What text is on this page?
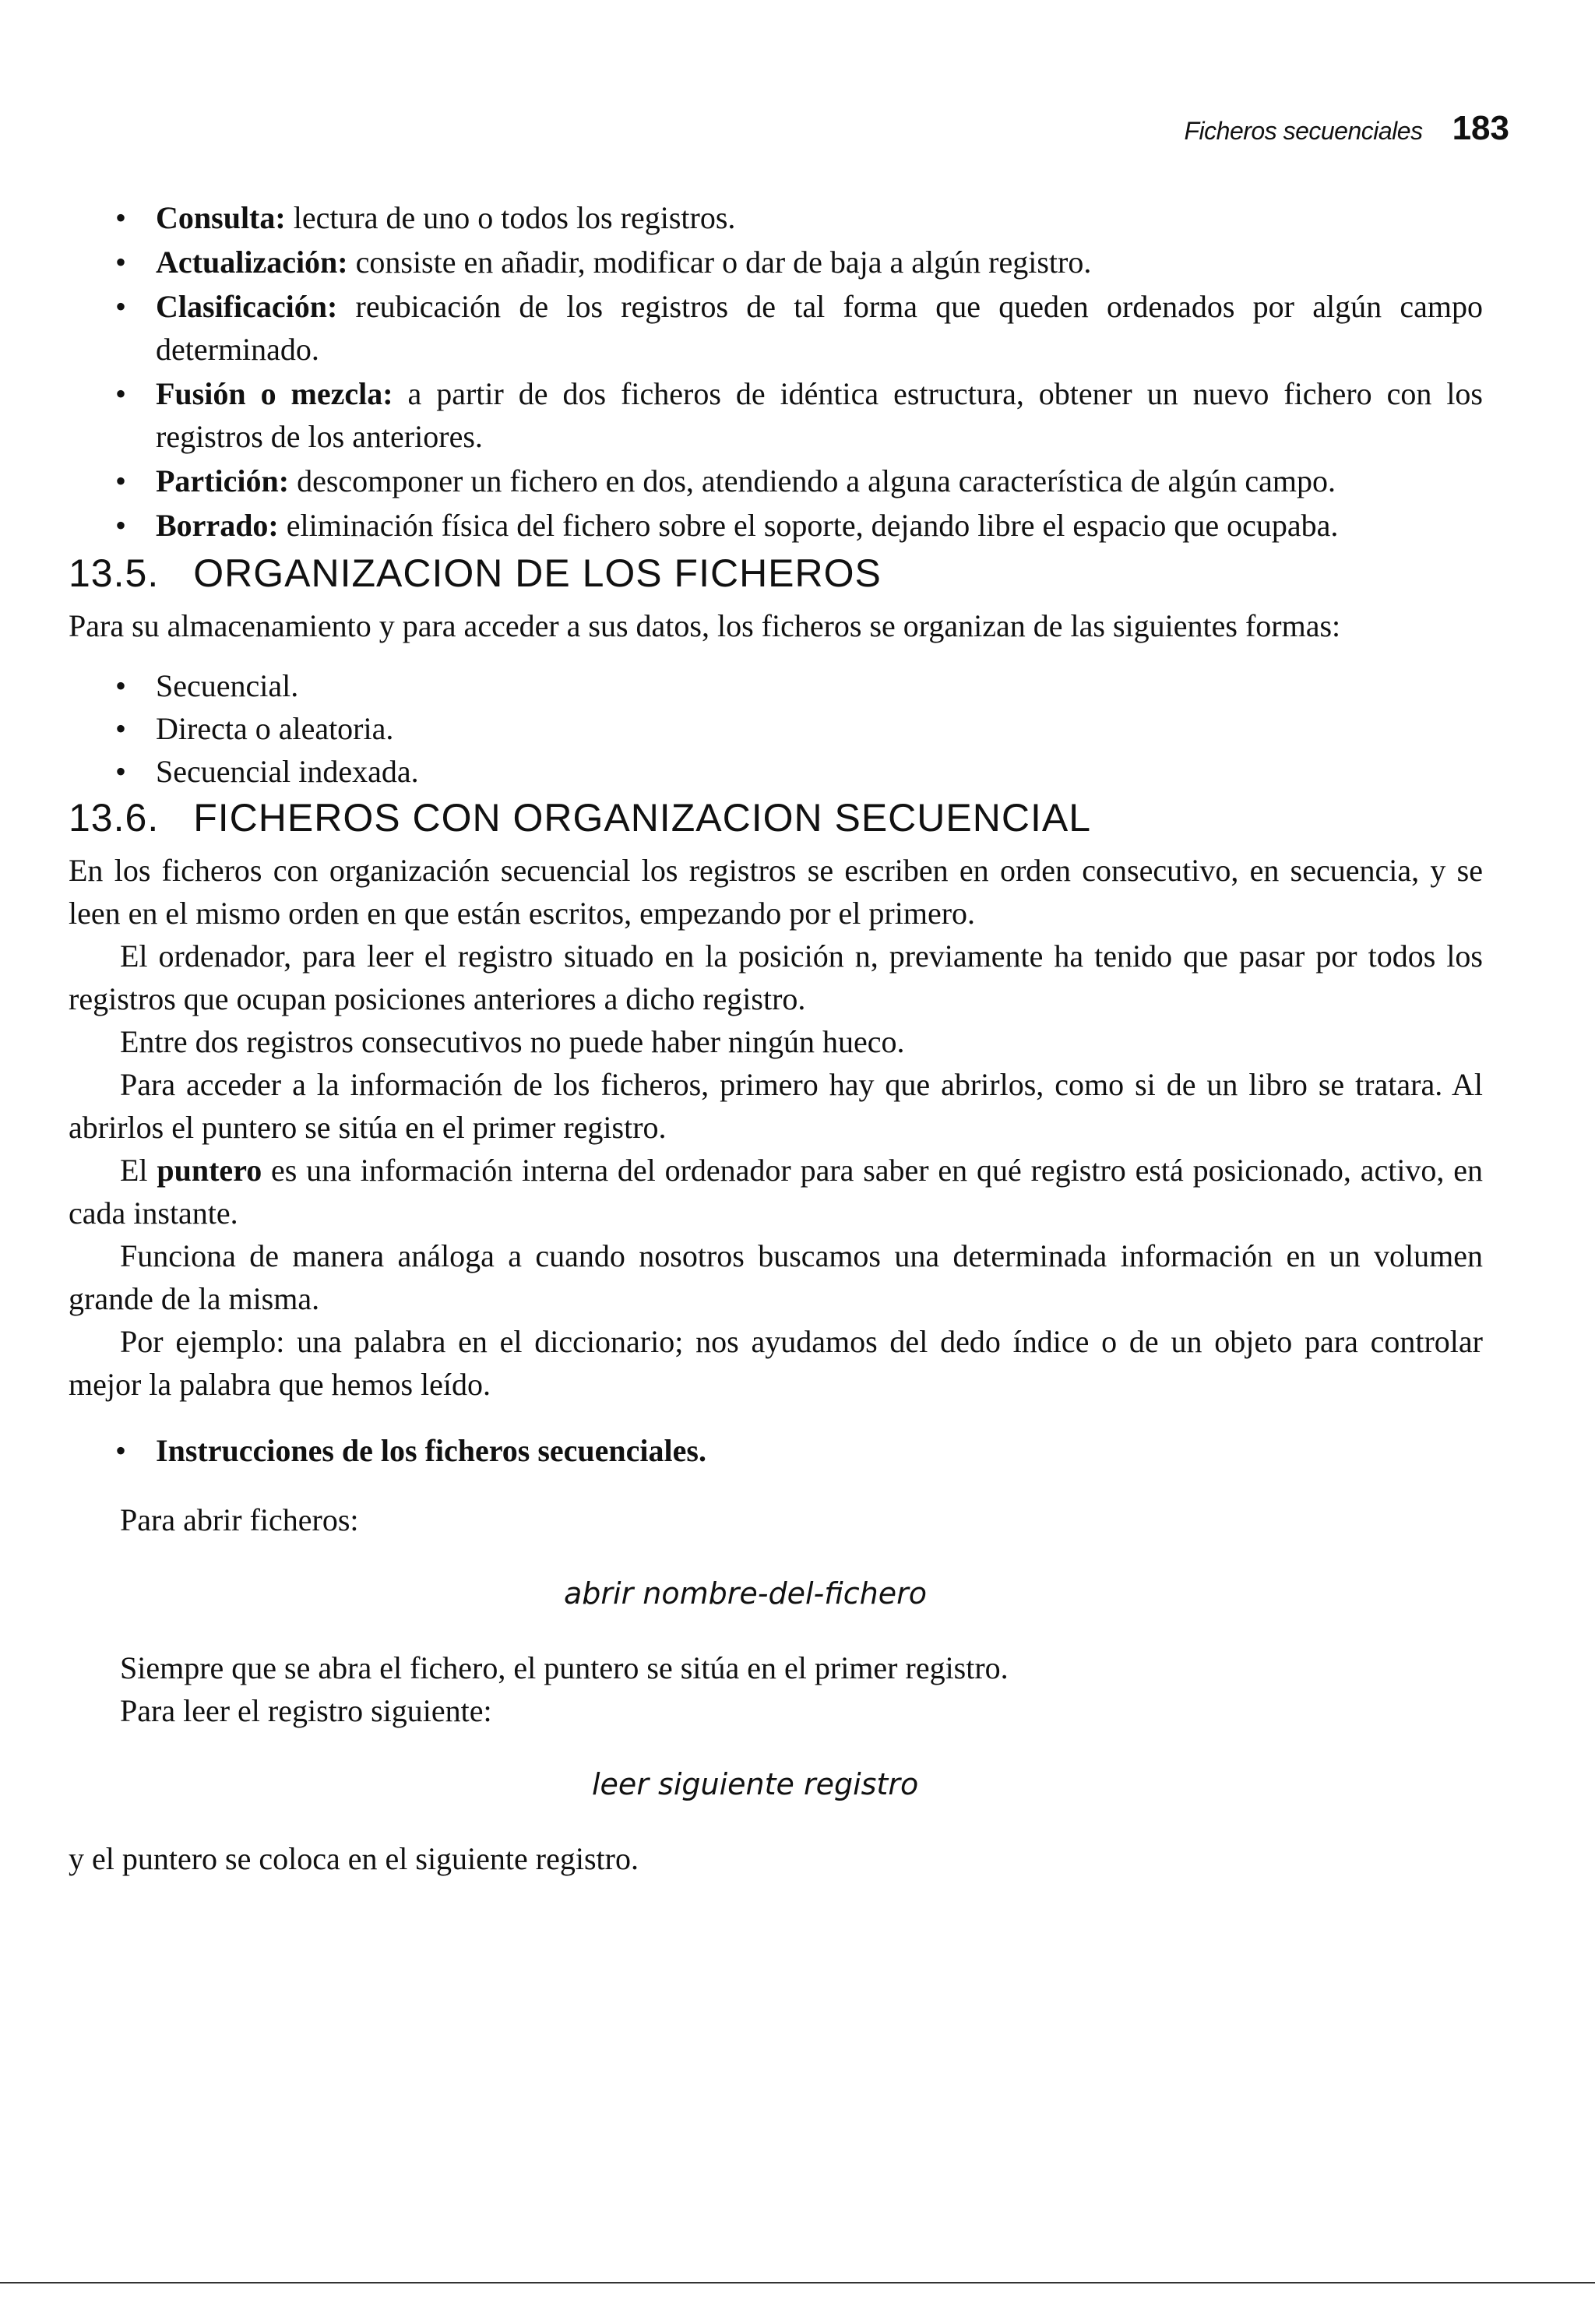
Ficheros secuenciales 183
• Consulta: lectura de uno o todos los registros.
• Actualización: consiste en añadir, modificar o dar de baja a algún registro.
• Clasificación: reubicación de los registros de tal forma que queden ordenados por algún campo determinado.
• Fusión o mezcla: a partir de dos ficheros de idéntica estructura, obtener un nuevo fichero con los registros de los anteriores.
• Partición: descomponer un fichero en dos, atendiendo a alguna característica de algún campo.
• Borrado: eliminación física del fichero sobre el soporte, dejando libre el espacio que ocupaba.
13.5. ORGANIZACION DE LOS FICHEROS

Para su almacenamiento y para acceder a sus datos, los ficheros se organizan de las siguientes formas:

• Secuencial.
• Directa o aleatoria.
• Secuencial indexada.
13.6. FICHEROS CON ORGANIZACION SECUENCIAL

En los ficheros con organización secuencial los registros se escriben en orden consecutivo, en secuencia, y se leen en el mismo orden en que están escritos, empezando por el primero.

El ordenador, para leer el registro situado en la posición n, previamente ha tenido que pasar por todos los registros que ocupan posiciones anteriores a dicho registro.

Entre dos registros consecutivos no puede haber ningún hueco.

Para acceder a la información de los ficheros, primero hay que abrirlos, como si de un libro se tratara. Al abrirlos el puntero se sitúa en el primer registro.

El puntero es una información interna del ordenador para saber en qué registro está posicionado, activo, en cada instante.

Funciona de manera análoga a cuando nosotros buscamos una determinada información en un volumen grande de la misma.

Por ejemplo: una palabra en el diccionario; nos ayudamos del dedo índice o de un objeto para controlar mejor la palabra que hemos leído.

• Instrucciones de los ficheros secuenciales.

Para abrir ficheros:

abrir nombre-del-fichero

Siempre que se abra el fichero, el puntero se sitúa en el primer registro.

Para leer el registro siguiente:

leer siguiente registro

y el puntero se coloca en el siguiente registro.
